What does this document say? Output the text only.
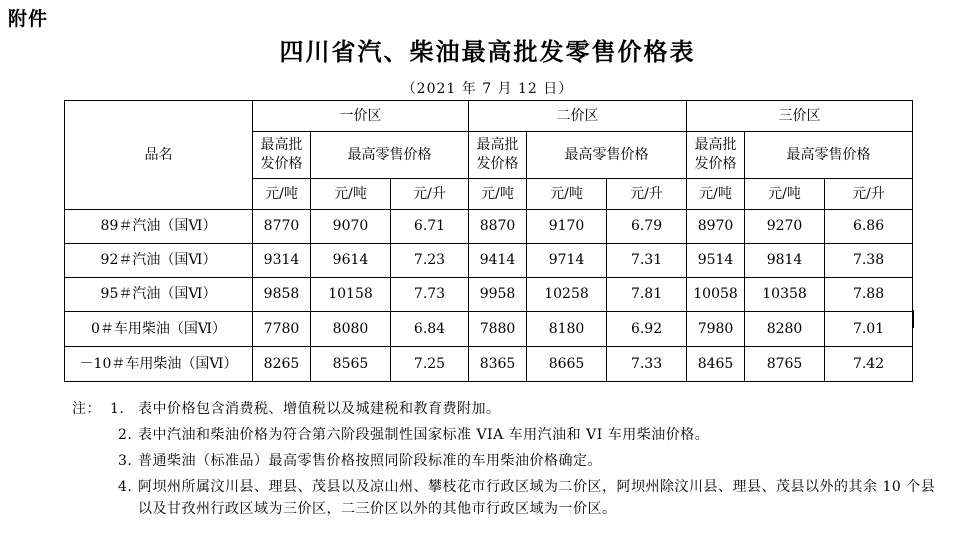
附件
四川省汽、柴油最高批发零售价格表
（2021 年 7 月 12 日）
品名	一价区			二价区			三价区		
	最高批发价格	最高零售价格		最高批发价格	最高零售价格		最高批发价格	最高零售价格	
	元/吨	元/吨	元/升	元/吨	元/吨	元/升	元/吨	元/吨	元/升
89＃汽油（国Ⅵ）	8770	9070	6.71	8870	9170	6.79	8970	9270	6.86
92＃汽油（国Ⅵ）	9314	9614	7.23	9414	9714	7.31	9514	9814	7.38
95＃汽油（国Ⅵ）	9858	10158	7.73	9958	10258	7.81	10058	10358	7.88
0＃车用柴油（国Ⅵ）	7780	8080	6.84	7880	8180	6.92	7980	8280	7.01
－10＃车用柴油（国Ⅵ）	8265	8565	7.25	8365	8665	7.33	8465	8765	7.42
注： 1. 表中价格包含消费税、增值税以及城建税和教育费附加。
2. 表中汽油和柴油价格为符合第六阶段强制性国家标准 VIA 车用汽油和 VI 车用柴油价格。
3. 普通柴油（标准品）最高零售价格按照同阶段标准的车用柴油价格确定。
4. 阿坝州所属汶川县、理县、茂县以及凉山州、攀枝花市行政区域为二价区，阿坝州除汶川县、理县、茂县以外的其余 10 个县以及甘孜州行政区域为三价区，二三价区以外的其他市行政区域为一价区。
